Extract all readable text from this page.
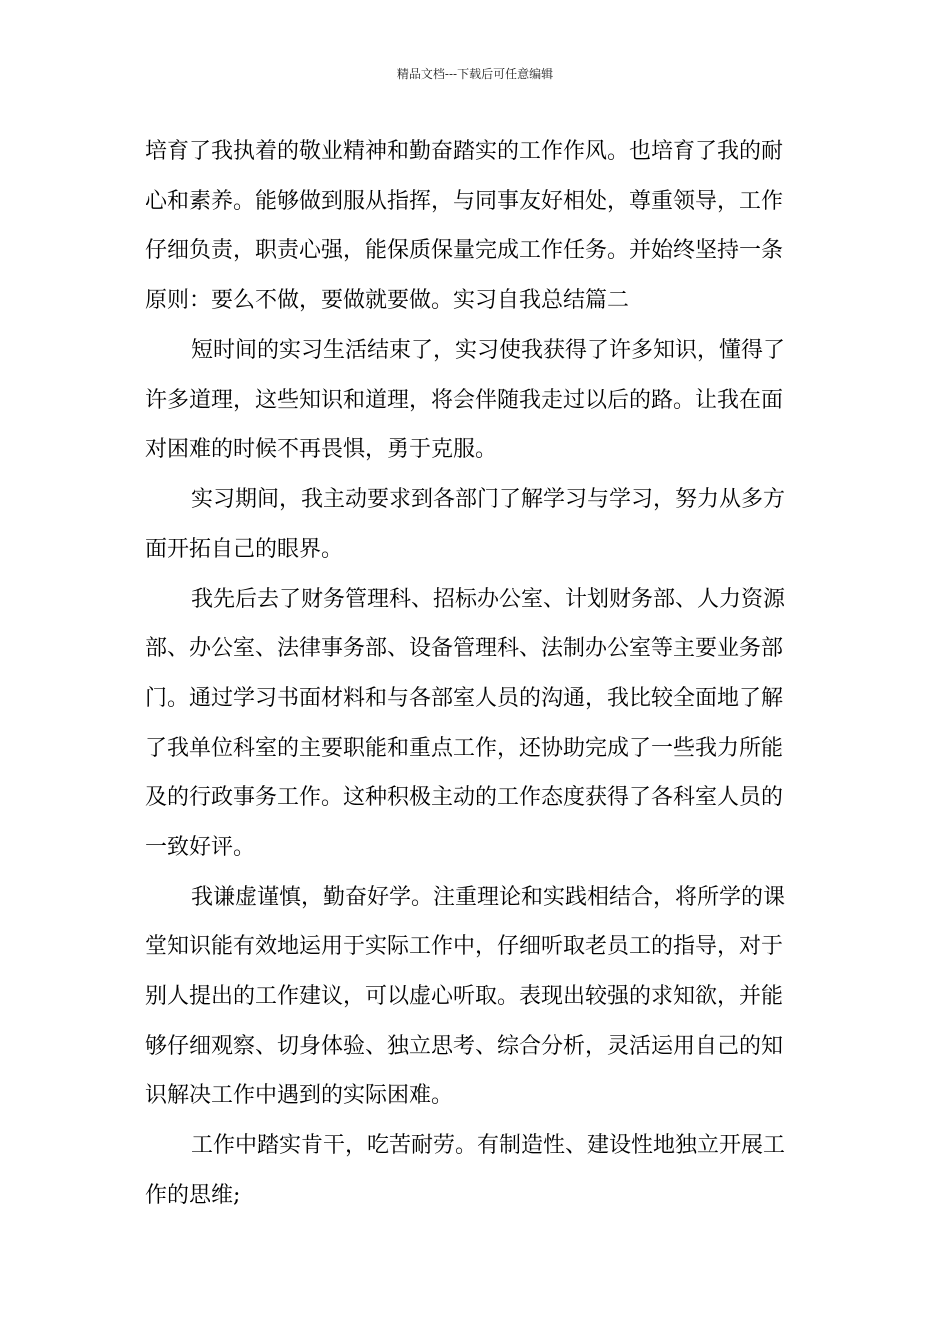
精品文档---下载后可任意编辑
培育了我执着的敬业精神和勤奋踏实的工作作风。也培育了我的耐
心和素养。能够做到服从指挥，与同事友好相处，尊重领导，工作
仔细负责，职责心强，能保质保量完成工作任务。并始终坚持一条
原则：要么不做，要做就要做。实习自我总结篇二
短时间的实习生活结束了，实习使我获得了许多知识，懂得了
许多道理，这些知识和道理，将会伴随我走过以后的路。让我在面
对困难的时候不再畏惧，勇于克服。
实习期间，我主动要求到各部门了解学习与学习，努力从多方
面开拓自己的眼界。
我先后去了财务管理科、招标办公室、计划财务部、人力资源
部、办公室、法律事务部、设备管理科、法制办公室等主要业务部
门。通过学习书面材料和与各部室人员的沟通，我比较全面地了解
了我单位科室的主要职能和重点工作，还协助完成了一些我力所能
及的行政事务工作。这种积极主动的工作态度获得了各科室人员的
一致好评。
我谦虚谨慎，勤奋好学。注重理论和实践相结合，将所学的课
堂知识能有效地运用于实际工作中，仔细听取老员工的指导，对于
别人提出的工作建议，可以虚心听取。表现出较强的求知欲，并能
够仔细观察、切身体验、独立思考、综合分析，灵活运用自己的知
识解决工作中遇到的实际困难。
工作中踏实肯干，吃苦耐劳。有制造性、建设性地独立开展工
作的思维;
